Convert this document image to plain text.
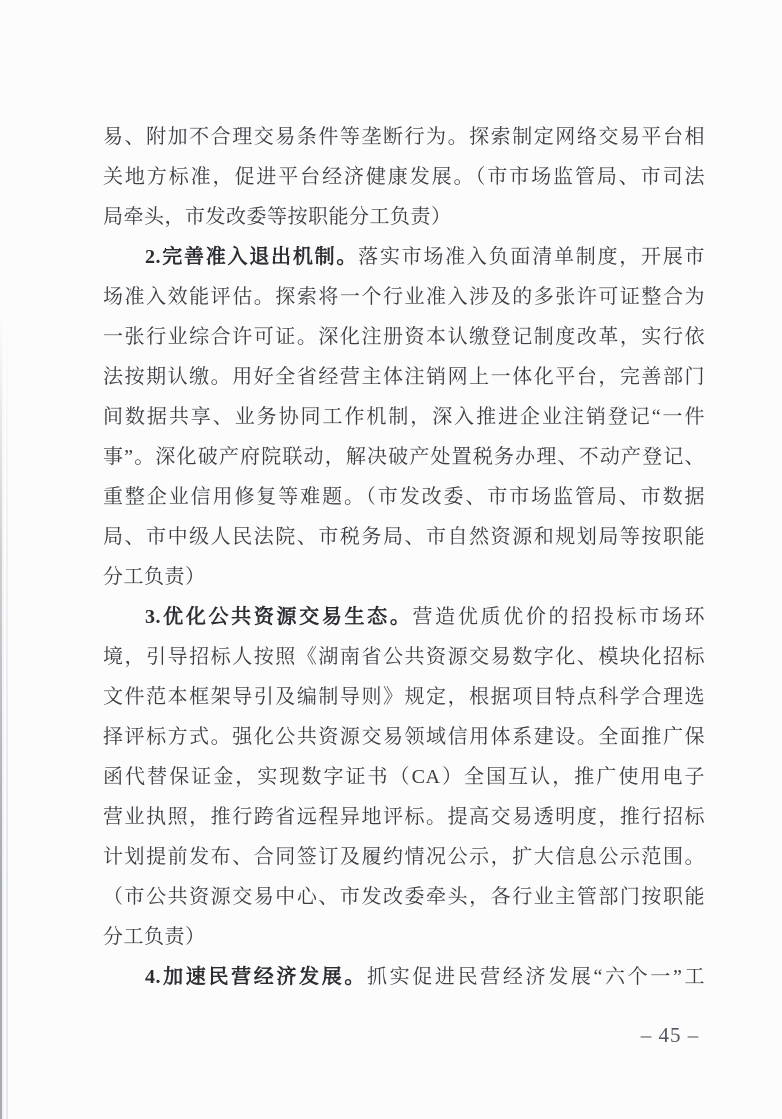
易、附加不合理交易条件等垄断行为。探索制定网络交易平台相
关地方标准，促进平台经济健康发展。（市市场监管局、市司法
局牵头，市发改委等按职能分工负责）
2.完善准入退出机制。落实市场准入负面清单制度，开展市
场准入效能评估。探索将一个行业准入涉及的多张许可证整合为
一张行业综合许可证。深化注册资本认缴登记制度改革，实行依
法按期认缴。用好全省经营主体注销网上一体化平台，完善部门
间数据共享、业务协同工作机制，深入推进企业注销登记“一件
事”。深化破产府院联动，解决破产处置税务办理、不动产登记、
重整企业信用修复等难题。（市发改委、市市场监管局、市数据
局、市中级人民法院、市税务局、市自然资源和规划局等按职能
分工负责）
3.优化公共资源交易生态。营造优质优价的招投标市场环
境，引导招标人按照《湖南省公共资源交易数字化、模块化招标
文件范本框架导引及编制导则》规定，根据项目特点科学合理选
择评标方式。强化公共资源交易领域信用体系建设。全面推广保
函代替保证金，实现数字证书（CA）全国互认，推广使用电子
营业执照，推行跨省远程异地评标。提高交易透明度，推行招标
计划提前发布、合同签订及履约情况公示，扩大信息公示范围。
（市公共资源交易中心、市发改委牵头，各行业主管部门按职能
分工负责）
4.加速民营经济发展。抓实促进民营经济发展“六个一”工
– 45 –
